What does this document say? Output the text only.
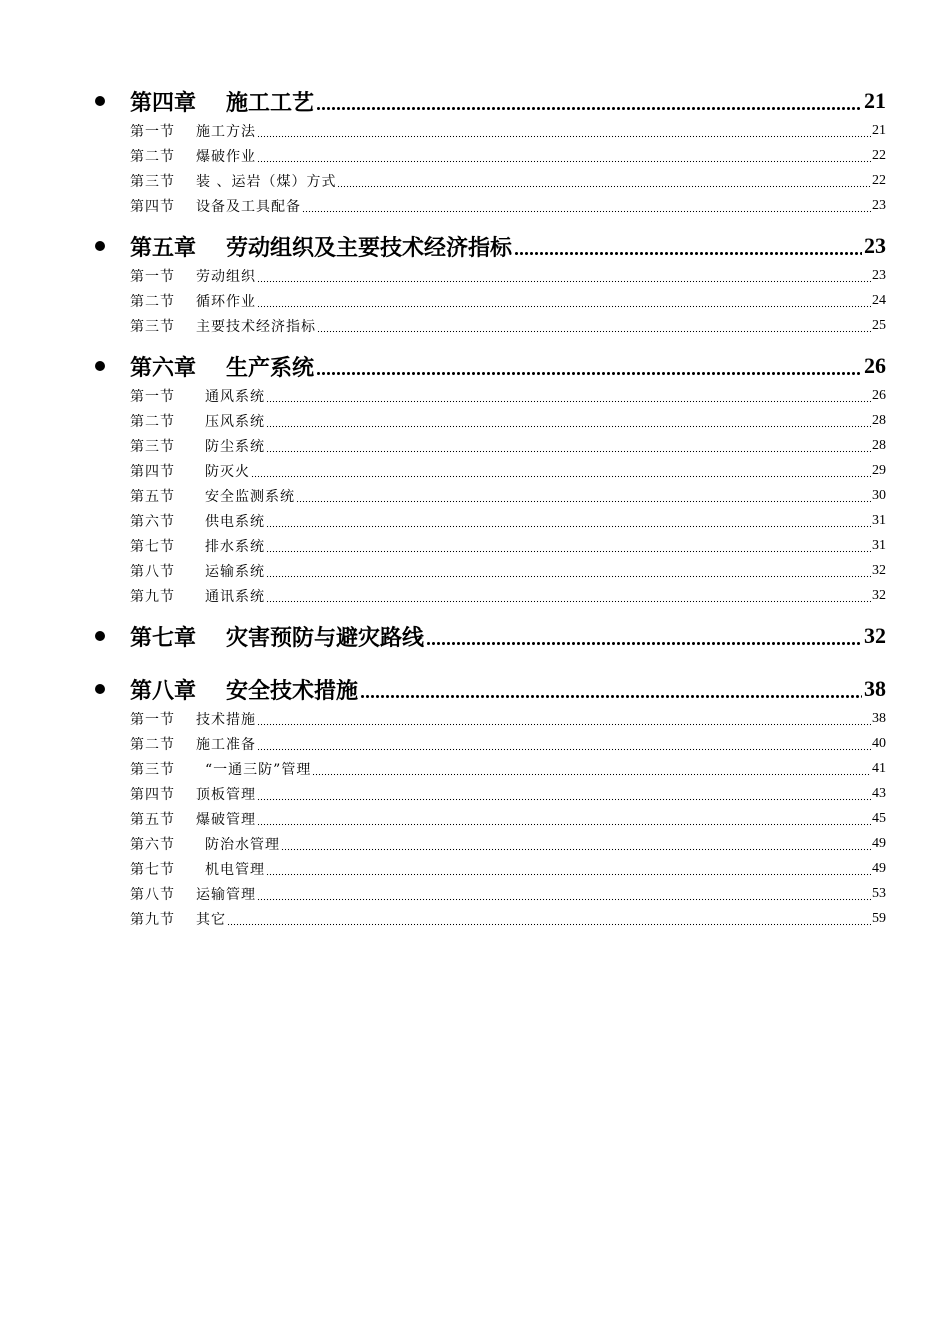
第四章	施工工艺	21
第一节	施工方法	21
第二节	爆破作业	22
第三节	装 、运岩（煤）方式	22
第四节	设备及工具配备	23
第五章	劳动组织及主要技术经济指标	23
第一节	劳动组织	23
第二节	循环作业	24
第三节	主要技术经济指标	25
第六章	生产系统	26
第一节	通风系统	26
第二节	压风系统	28
第三节	防尘系统	28
第四节	防灭火	29
第五节	安全监测系统	30
第六节	供电系统	31
第七节	排水系统	31
第八节	运输系统	32
第九节	通讯系统	32
第七章	灾害预防与避灾路线	32
第八章	安全技术措施	38
第一节	技术措施	38
第二节	施工准备	40
第三节	“一通三防”管理	41
第四节	顶板管理	43
第五节	爆破管理	45
第六节	防治水管理	49
第七节	机电管理	49
第八节	运输管理	53
第九节	其它	59
